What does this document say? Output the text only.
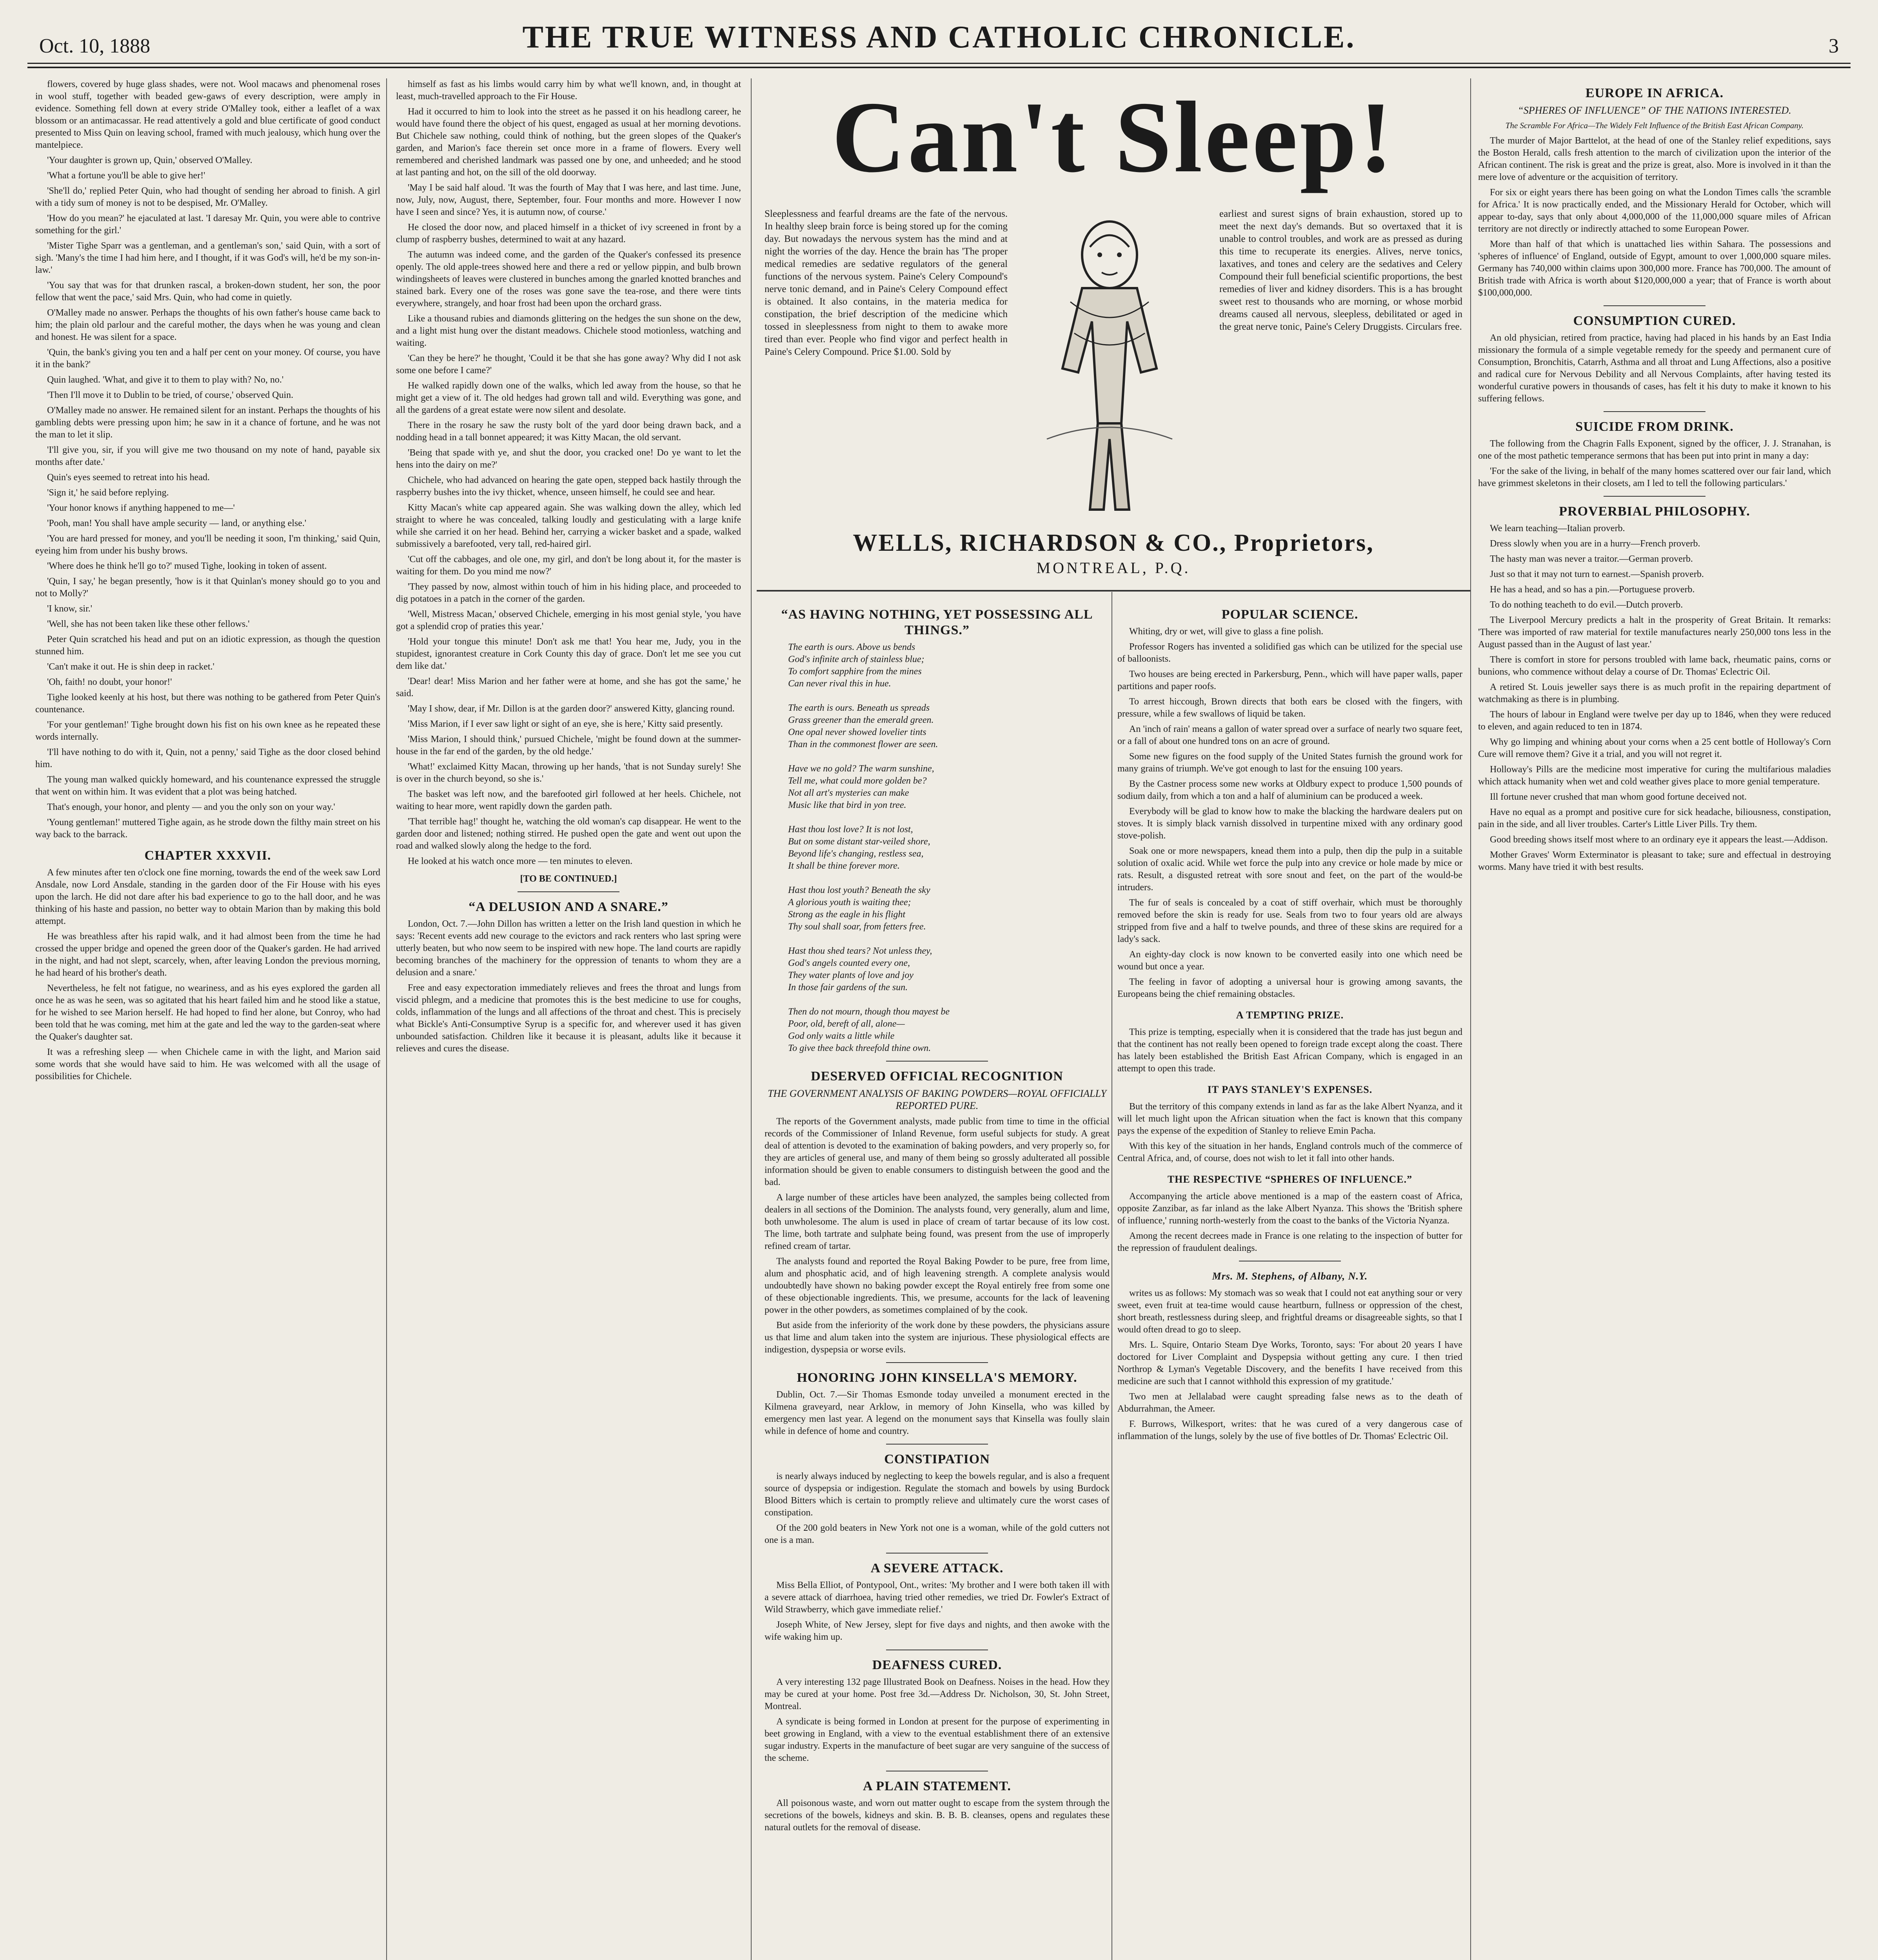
Oct. 10, 1888	THE TRUE WITNESS AND CATHOLIC CHRONICLE.	3

flowers, covered by huge glass shades, were not. Wool macaws and phenomenal roses in wool stuff, together with beaded gew-gaws of every description, were amply in evidence. Something fell down at every stride O'Malley took, either a leaflet of a wax blossom or an antimacassar. He read attentively a gold and blue certificate of good conduct presented to Miss Quin on leaving school, framed with much jealousy, which hung over the mantelpiece.

'Your daughter is grown up, Quin,' observed O'Malley.

'What a fortune you'll be able to give her!'

'She'll do,' replied Peter Quin, who had thought of sending her abroad to finish. A girl with a tidy sum of money is not to be despised, Mr. O'Malley.

'How do you mean?' he ejaculated at last. 'I daresay Mr. Quin, you were able to contrive something for the girl.'

'Mister Tighe Sparr was a gentleman, and a gentleman's son,' said Quin, with a sort of sigh. 'Many's the time I had him here, and I thought, if it was God's will, he'd be my son-in-law.'

'You say that was for that drunken rascal, a broken-down student, her son, the poor fellow that went the pace,' said Mrs. Quin, who had come in quietly.

O'Malley made no answer. Perhaps the thoughts of his own father's house came back to him; the plain old parlour and the careful mother, the days when he was young and clean and honest. He was silent for a space.

'Quin, the bank's giving you ten and a half per cent on your money. Of course, you have it in the bank?'

Quin laughed. 'What, and give it to them to play with? No, no.'

'Then I'll move it to Dublin to be tried, of course,' observed Quin.

O'Malley made no answer. He remained silent for an instant. Perhaps the thoughts of his gambling debts were pressing upon him; he saw in it a chance of fortune, and he was not the man to let it slip.

'I'll give you, sir, if you will give me two thousand on my note of hand, payable six months after date.'

Quin's eyes seemed to retreat into his head.

'Sign it,' he said before replying.

'Your honor knows if anything happened to me—'

'Pooh, man! You shall have ample security — land, or anything else.'

'You are hard pressed for money, and you'll be needing it soon, I'm thinking,' said Quin, eyeing him from under his bushy brows.

'Where does he think he'll go to?' mused Tighe, looking in token of assent.

'Quin, I say,' he began presently, 'how is it that Quinlan's money should go to you and not to Molly?'

'I know, sir.'

'Well, she has not been taken like these other fellows.'

Peter Quin scratched his head and put on an idiotic expression, as though the question stunned him.

'Can't make it out. He is shin deep in racket.'

'Oh, faith! no doubt, your honor!'

Tighe looked keenly at his host, but there was nothing to be gathered from Peter Quin's countenance.

'For your gentleman!' Tighe brought down his fist on his own knee as he repeated these words internally.

'I'll have nothing to do with it, Quin, not a penny,' said Tighe as the door closed behind him.

The young man walked quickly homeward, and his countenance expressed the struggle that went on within him. It was evident that a plot was being hatched.

That's enough, your honor, and plenty — and you the only son on your way.'

'Young gentleman!' muttered Tighe again, as he strode down the filthy main street on his way back to the barrack.

CHAPTER XXXVII.

A few minutes after ten o'clock one fine morning, towards the end of the week saw Lord Ansdale, now Lord Ansdale, standing in the garden door of the Fir House with his eyes upon the larch. He did not dare after his bad experience to go to the hall door, and he was thinking of his haste and passion, no better way to obtain Marion than by making this bold attempt.

He was breathless after his rapid walk, and it had almost been from the time he had crossed the upper bridge and opened the green door of the Quaker's garden. He had arrived in the night, and had not slept, scarcely, when, after leaving London the previous morning, he had heard of his brother's death.

Nevertheless, he felt not fatigue, no weariness, and as his eyes explored the garden all once he as was he seen, was so agitated that his heart failed him and he stood like a statue, for he wished to see Marion herself. He had hoped to find her alone, but Conroy, who had been told that he was coming, met him at the gate and led the way to the garden-seat where the Quaker's daughter sat.

It was a refreshing sleep — when Chichele came in with the light, and Marion said some words that she would have said to him. He was welcomed with all the usage of possibilities for Chichele.

himself as fast as his limbs would carry him by what we'll known, and, in thought at least, much-travelled approach to the Fir House.

Had it occurred to him to look into the street as he passed it on his headlong career, he would have found there the object of his quest, engaged as usual at her morning devotions. But Chichele saw nothing, could think of nothing, but the green slopes of the Quaker's garden, and Marion's face therein set once more in a frame of flowers. Every well remembered and cherished landmark was passed one by one, and unheeded; and he stood at last panting and hot, on the sill of the old doorway.

'May I be said half aloud. 'It was the fourth of May that I was here, and last time. June, now, July, now, August, there, September, four. Four months and more. However I now have I seen and since? Yes, it is autumn now, of course.'

He closed the door now, and placed himself in a thicket of ivy screened in front by a clump of raspberry bushes, determined to wait at any hazard.

The autumn was indeed come, and the garden of the Quaker's confessed its presence openly. The old apple-trees showed here and there a red or yellow pippin, and bulb brown windingsheets of leaves were clustered in bunches among the gnarled knotted branches and stained bark. Every one of the roses was gone save the tea-rose, and there were tints everywhere, strangely, and hoar frost had been upon the orchard grass.

Like a thousand rubies and diamonds glittering on the hedges the sun shone on the dew, and a light mist hung over the distant meadows. Chichele stood motionless, watching and waiting.

'Can they be here?' he thought, 'Could it be that she has gone away? Why did I not ask some one before I came?'

He walked rapidly down one of the walks, which led away from the house, so that he might get a view of it. The old hedges had grown tall and wild. Everything was gone, and all the gardens of a great estate were now silent and desolate.

There in the rosary he saw the rusty bolt of the yard door being drawn back, and a nodding head in a tall bonnet appeared; it was Kitty Macan, the old servant.

'Being that spade with ye, and shut the door, you cracked one! Do ye want to let the hens into the dairy on me?'

Chichele, who had advanced on hearing the gate open, stepped back hastily through the raspberry bushes into the ivy thicket, whence, unseen himself, he could see and hear.

Kitty Macan's white cap appeared again. She was walking down the alley, which led straight to where he was concealed, talking loudly and gesticulating with a large knife while she carried it on her head. Behind her, carrying a wicker basket and a spade, walked submissively a barefooted, very tall, red-haired girl.

'Cut off the cabbages, and ole one, my girl, and don't be long about it, for the master is waiting for them. Do you mind me now?'

'They passed by now, almost within touch of him in his hiding place, and proceeded to dig potatoes in a patch in the corner of the garden.

'Well, Mistress Macan,' observed Chichele, emerging in his most genial style, 'you have got a splendid crop of praties this year.'

'Hold your tongue this minute! Don't ask me that! You hear me, Judy, you in the stupidest, ignorantest creature in Cork County this day of grace. Don't let me see you cut dem like dat.'

'Dear! dear! Miss Marion and her father were at home, and she has got the same,' he said.

'May I show, dear, if Mr. Dillon is at the garden door?' answered Kitty, glancing round.

'Miss Marion, if I ever saw light or sight of an eye, she is here,' Kitty said presently.

'Miss Marion, I should think,' pursued Chichele, 'might be found down at the summer-house in the far end of the garden, by the old hedge.'

'What!' exclaimed Kitty Macan, throwing up her hands, 'that is not Sunday surely! She is over in the church beyond, so she is.'

The basket was left now, and the barefooted girl followed at her heels. Chichele, not waiting to hear more, went rapidly down the garden path.

'That terrible hag!' thought he, watching the old woman's cap disappear. He went to the garden door and listened; nothing stirred. He pushed open the gate and went out upon the road and walked slowly along the hedge to the ford.

He looked at his watch once more — ten minutes to eleven.

[TO BE CONTINUED.]

“A DELUSION AND A SNARE.”

London, Oct. 7.—John Dillon has written a letter on the Irish land question in which he says: 'Recent events add new courage to the evictors and rack renters who last spring were utterly beaten, but who now seem to be inspired with new hope. The land courts are rapidly becoming branches of the machinery for the oppression of tenants to whom they are a delusion and a snare.'

Free and easy expectoration immediately relieves and frees the throat and lungs from viscid phlegm, and a medicine that promotes this is the best medicine to use for coughs, colds, inflammation of the lungs and all affections of the throat and chest. This is precisely what Bickle's Anti-Consumptive Syrup is a specific for, and wherever used it has given unbounded satisfaction. Children like it because it is pleasant, adults like it because it relieves and cures the disease.

Can't Sleep!
Sleeplessness and fearful dreams are the fate of the nervous. In healthy sleep brain force is being stored up for the coming day. But nowadays the nervous system has the mind and at night the worries of the day. Hence the brain has 'The proper medical remedies are sedative regulators of the general functions of the nervous system. Paine's Celery Compound's nerve tonic demand, and in Paine's Celery Compound effect is obtained. It also contains, in the materia medica for constipation, the brief description of the medicine which tossed in sleeplessness from night to them to awake more tired than ever. People who find vigor and perfect health in Paine's Celery Compound. Price $1.00. Sold by
earliest and surest signs of brain exhaustion, stored up to meet the next day's demands. But so overtaxed that it is unable to control troubles, and work are as pressed as during this time to recuperate its energies. Alives, nerve tonics, laxatives, and tones and celery are the sedatives and Celery Compound their full beneficial scientific proportions, the best remedies of liver and kidney disorders. This is a has brought sweet rest to thousands who are morning, or whose morbid dreams caused all nervous, sleepless, debilitated or aged in the great nerve tonic, Paine's Celery Druggists. Circulars free.
WELLS, RICHARDSON & CO., Proprietors,
MONTREAL, P.Q.

“AS HAVING NOTHING, YET POSSESSING ALL THINGS.”

The earth is ours. Above us bends

God's infinite arch of stainless blue;

To comfort sapphire from the mines

Can never rival this in hue.

The earth is ours. Beneath us spreads

Grass greener than the emerald green.

One opal never showed lovelier tints

Than in the commonest flower are seen.

Have we no gold? The warm sunshine,

Tell me, what could more golden be?

Not all art's mysteries can make

Music like that bird in yon tree.

Hast thou lost love? It is not lost,

But on some distant star-veiled shore,

Beyond life's changing, restless sea,

It shall be thine forever more.

Hast thou lost youth? Beneath the sky

A glorious youth is waiting thee;

Strong as the eagle in his flight

Thy soul shall soar, from fetters free.

Hast thou shed tears? Not unless they,

God's angels counted every one,

They water plants of love and joy

In those fair gardens of the sun.

Then do not mourn, though thou mayest be

Poor, old, bereft of all, alone—

God only waits a little while

To give thee back threefold thine own.

DESERVED OFFICIAL RECOGNITION

THE GOVERNMENT ANALYSIS OF BAKING POWDERS—ROYAL OFFICIALLY REPORTED PURE.

The reports of the Government analysts, made public from time to time in the official records of the Commissioner of Inland Revenue, form useful subjects for study. A great deal of attention is devoted to the examination of baking powders, and very properly so, for they are articles of general use, and many of them being so grossly adulterated all possible information should be given to enable consumers to distinguish between the good and the bad.

A large number of these articles have been analyzed, the samples being collected from dealers in all sections of the Dominion. The analysts found, very generally, alum and lime, both unwholesome. The alum is used in place of cream of tartar because of its low cost. The lime, both tartrate and sulphate being found, was present from the use of improperly refined cream of tartar.

The analysts found and reported the Royal Baking Powder to be pure, free from lime, alum and phosphatic acid, and of high leavening strength. A complete analysis would undoubtedly have shown no baking powder except the Royal entirely free from some one of these objectionable ingredients. This, we presume, accounts for the lack of leavening power in the other powders, as sometimes complained of by the cook.

But aside from the inferiority of the work done by these powders, the physicians assure us that lime and alum taken into the system are injurious. These physiological effects are indigestion, dyspepsia or worse evils.

HONORING JOHN KINSELLA'S MEMORY.

Dublin, Oct. 7.—Sir Thomas Esmonde today unveiled a monument erected in the Kilmena graveyard, near Arklow, in memory of John Kinsella, who was killed by emergency men last year. A legend on the monument says that Kinsella was foully slain while in defence of home and country.

CONSTIPATION

is nearly always induced by neglecting to keep the bowels regular, and is also a frequent source of dyspepsia or indigestion. Regulate the stomach and bowels by using Burdock Blood Bitters which is certain to promptly relieve and ultimately cure the worst cases of constipation.

Of the 200 gold beaters in New York not one is a woman, while of the gold cutters not one is a man.

A SEVERE ATTACK.

Miss Bella Elliot, of Pontypool, Ont., writes: 'My brother and I were both taken ill with a severe attack of diarrhoea, having tried other remedies, we tried Dr. Fowler's Extract of Wild Strawberry, which gave immediate relief.'

Joseph White, of New Jersey, slept for five days and nights, and then awoke with the wife waking him up.

DEAFNESS CURED.

A very interesting 132 page Illustrated Book on Deafness. Noises in the head. How they may be cured at your home. Post free 3d.—Address Dr. Nicholson, 30, St. John Street, Montreal.

A syndicate is being formed in London at present for the purpose of experimenting in beet growing in England, with a view to the eventual establishment there of an extensive sugar industry. Experts in the manufacture of beet sugar are very sanguine of the success of the scheme.

A PLAIN STATEMENT.

All poisonous waste, and worn out matter ought to escape from the system through the secretions of the bowels, kidneys and skin. B. B. B. cleanses, opens and regulates these natural outlets for the removal of disease.

POPULAR SCIENCE.

Whiting, dry or wet, will give to glass a fine polish.

Professor Rogers has invented a solidified gas which can be utilized for the special use of balloonists.

Two houses are being erected in Parkersburg, Penn., which will have paper walls, paper partitions and paper roofs.

To arrest hiccough, Brown directs that both ears be closed with the fingers, with pressure, while a few swallows of liquid be taken.

An 'inch of rain' means a gallon of water spread over a surface of nearly two square feet, or a fall of about one hundred tons on an acre of ground.

Some new figures on the food supply of the United States furnish the ground work for many grains of triumph. We've got enough to last for the ensuing 100 years.

By the Castner process some new works at Oldbury expect to produce 1,500 pounds of sodium daily, from which a ton and a half of aluminium can be produced a week.

Everybody will be glad to know how to make the blacking the hardware dealers put on stoves. It is simply black varnish dissolved in turpentine mixed with any ordinary good stove-polish.

Soak one or more newspapers, knead them into a pulp, then dip the pulp in a suitable solution of oxalic acid. While wet force the pulp into any crevice or hole made by mice or rats. Result, a disgusted retreat with sore snout and feet, on the part of the would-be intruders.

The fur of seals is concealed by a coat of stiff overhair, which must be thoroughly removed before the skin is ready for use. Seals from two to four years old are always stripped from five and a half to twelve pounds, and three of these skins are required for a lady's sack.

An eighty-day clock is now known to be converted easily into one which need be wound but once a year.

The feeling in favor of adopting a universal hour is growing among savants, the Europeans being the chief remaining obstacles.

A TEMPTING PRIZE.

This prize is tempting, especially when it is considered that the trade has just begun and that the continent has not really been opened to foreign trade except along the coast. There has lately been established the British East African Company, which is engaged in an attempt to open this trade.

IT PAYS STANLEY'S EXPENSES.

But the territory of this company extends in land as far as the lake Albert Nyanza, and it will let much light upon the African situation when the fact is known that this company pays the expense of the expedition of Stanley to relieve Emin Pacha.

With this key of the situation in her hands, England controls much of the commerce of Central Africa, and, of course, does not wish to let it fall into other hands.

THE RESPECTIVE “SPHERES OF INFLUENCE.”

Accompanying the article above mentioned is a map of the eastern coast of Africa, opposite Zanzibar, as far inland as the lake Albert Nyanza. This shows the 'British sphere of influence,' running north-westerly from the coast to the banks of the Victoria Nyanza.

Among the recent decrees made in France is one relating to the inspection of butter for the repression of fraudulent dealings.

Mrs. M. Stephens, of Albany, N.Y.

writes us as follows: My stomach was so weak that I could not eat anything sour or very sweet, even fruit at tea-time would cause heartburn, fullness or oppression of the chest, short breath, restlessness during sleep, and frightful dreams or disagreeable sights, so that I would often dread to go to sleep.

Mrs. L. Squire, Ontario Steam Dye Works, Toronto, says: 'For about 20 years I have doctored for Liver Complaint and Dyspepsia without getting any cure. I then tried Northrop & Lyman's Vegetable Discovery, and the benefits I have received from this medicine are such that I cannot withhold this expression of my gratitude.'

Two men at Jellalabad were caught spreading false news as to the death of Abdurrahman, the Ameer.

F. Burrows, Wilkesport, writes: that he was cured of a very dangerous case of inflammation of the lungs, solely by the use of five bottles of Dr. Thomas' Eclectric Oil.

EUROPE IN AFRICA.

“SPHERES OF INFLUENCE” OF THE NATIONS INTERESTED.

The Scramble For Africa—The Widely Felt Influence of the British East African Company.

The murder of Major Barttelot, at the head of one of the Stanley relief expeditions, says the Boston Herald, calls fresh attention to the march of civilization upon the interior of the African continent. The risk is great and the prize is great, also. More is involved in it than the mere love of adventure or the acquisition of territory.

For six or eight years there has been going on what the London Times calls 'the scramble for Africa.' It is now practically ended, and the Missionary Herald for October, which will appear to-day, says that only about 4,000,000 of the 11,000,000 square miles of African territory are not directly or indirectly attached to some European Power.

More than half of that which is unattached lies within Sahara. The possessions and 'spheres of influence' of England, outside of Egypt, amount to over 1,000,000 square miles. Germany has 740,000 within claims upon 300,000 more. France has 700,000. The amount of British trade with Africa is worth about $120,000,000 a year; that of France is worth about $100,000,000.

CONSUMPTION CURED.

An old physician, retired from practice, having had placed in his hands by an East India missionary the formula of a simple vegetable remedy for the speedy and permanent cure of Consumption, Bronchitis, Catarrh, Asthma and all throat and Lung Affections, also a positive and radical cure for Nervous Debility and all Nervous Complaints, after having tested its wonderful curative powers in thousands of cases, has felt it his duty to make it known to his suffering fellows.

SUICIDE FROM DRINK.

The following from the Chagrin Falls Exponent, signed by the officer, J. J. Stranahan, is one of the most pathetic temperance sermons that has been put into print in many a day:

'For the sake of the living, in behalf of the many homes scattered over our fair land, which have grimmest skeletons in their closets, am I led to tell the following particulars.'

PROVERBIAL PHILOSOPHY.

We learn teaching—Italian proverb.

Dress slowly when you are in a hurry—French proverb.

The hasty man was never a traitor.—German proverb.

Just so that it may not turn to earnest.—Spanish proverb.

He has a head, and so has a pin.—Portuguese proverb.

To do nothing teacheth to do evil.—Dutch proverb.

The Liverpool Mercury predicts a halt in the prosperity of Great Britain. It remarks: 'There was imported of raw material for textile manufactures nearly 250,000 tons less in the August passed than in the August of last year.'

There is comfort in store for persons troubled with lame back, rheumatic pains, corns or bunions, who commence without delay a course of Dr. Thomas' Eclectric Oil.

A retired St. Louis jeweller says there is as much profit in the repairing department of watchmaking as there is in plumbing.

The hours of labour in England were twelve per day up to 1846, when they were reduced to eleven, and again reduced to ten in 1874.

Why go limping and whining about your corns when a 25 cent bottle of Holloway's Corn Cure will remove them? Give it a trial, and you will not regret it.

Holloway's Pills are the medicine most imperative for curing the multifarious maladies which attack humanity when wet and cold weather gives place to more genial temperature.

Ill fortune never crushed that man whom good fortune deceived not.

Have no equal as a prompt and positive cure for sick headache, biliousness, constipation, pain in the side, and all liver troubles. Carter's Little Liver Pills. Try them.

Good breeding shows itself most where to an ordinary eye it appears the least.—Addison.

Mother Graves' Worm Exterminator is pleasant to take; sure and effectual in destroying worms. Many have tried it with best results.
